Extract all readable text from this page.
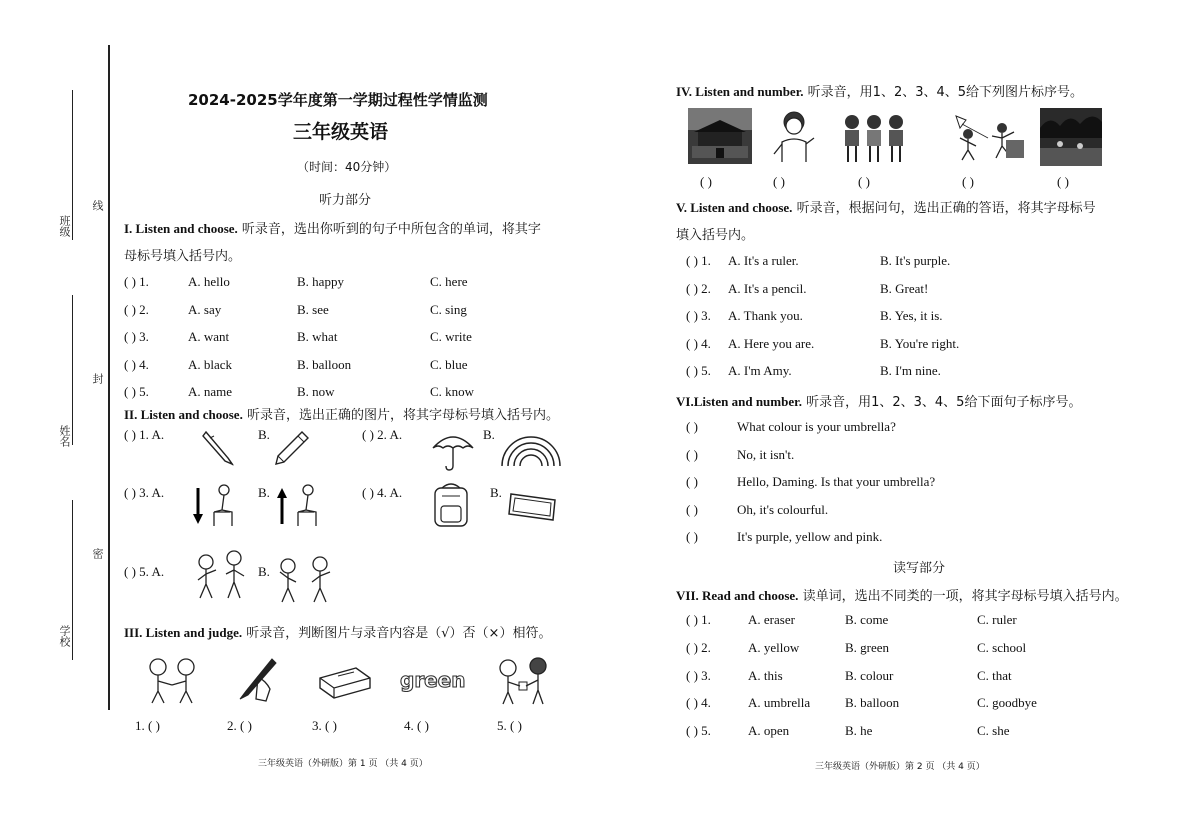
班级
姓名
学校
线
封
密
2024-2025学年度第一学期过程性学情监测
三年级英语
（时间：40分钟）
听力部分
I. Listen and choose. 听录音，选出你听到的句子中所包含的单词，将其字
母标号填入括号内。
( ) 1.	A. hello	B. happy	C. here
( ) 2.	A. say	B. see	C. sing
( ) 3.	A. want	B. what	C. write
( ) 4.	A. black	B. balloon	C. blue
( ) 5.	A. name	B. now	C. know
II. Listen and choose. 听录音，选出正确的图片，将其字母标号填入括号内。
( ) 1. A.	B.	( ) 2. A.	B.
( ) 3. A.	B.	( ) 4. A.	B.
( ) 5. A.	B.
III. Listen and judge. 听录音，判断图片与录音内容是（√）否（×）相符。
green
1. ( )	2. ( )	3. ( )	4. ( )	5. ( )
三年级英语（外研版）第 1 页 （共 4 页）
IV. Listen and number. 听录音，用1、2、3、4、5给下列图片标序号。
( )	( )	( )	( )	( )
V. Listen and choose. 听录音，根据问句，选出正确的答语，将其字母标号
填入括号内。
( ) 1. A. It's a ruler.	B. It's purple.
( ) 2. A. It's a pencil.	B. Great!
( ) 3. A. Thank you.	B. Yes, it is.
( ) 4. A. Here you are.	B. You're right.
( ) 5. A. I'm Amy.	B. I'm nine.
VI.Listen and number. 听录音，用1、2、3、4、5给下面句子标序号。
( )	What colour is your umbrella?
( )	No, it isn't.
( )	Hello, Daming. Is that your umbrella?
( )	Oh, it's colourful.
( )	It's purple, yellow and pink.
读写部分
VII. Read and choose. 读单词，选出不同类的一项，将其字母标号填入括号内。
( ) 1.	A. eraser	B. come	C. ruler
( ) 2.	A. yellow	B. green	C. school
( ) 3.	A. this	B. colour	C. that
( ) 4.	A. umbrella	B. balloon	C. goodbye
( ) 5.	A. open	B. he	C. she
三年级英语（外研版）第 2 页 （共 4 页）
